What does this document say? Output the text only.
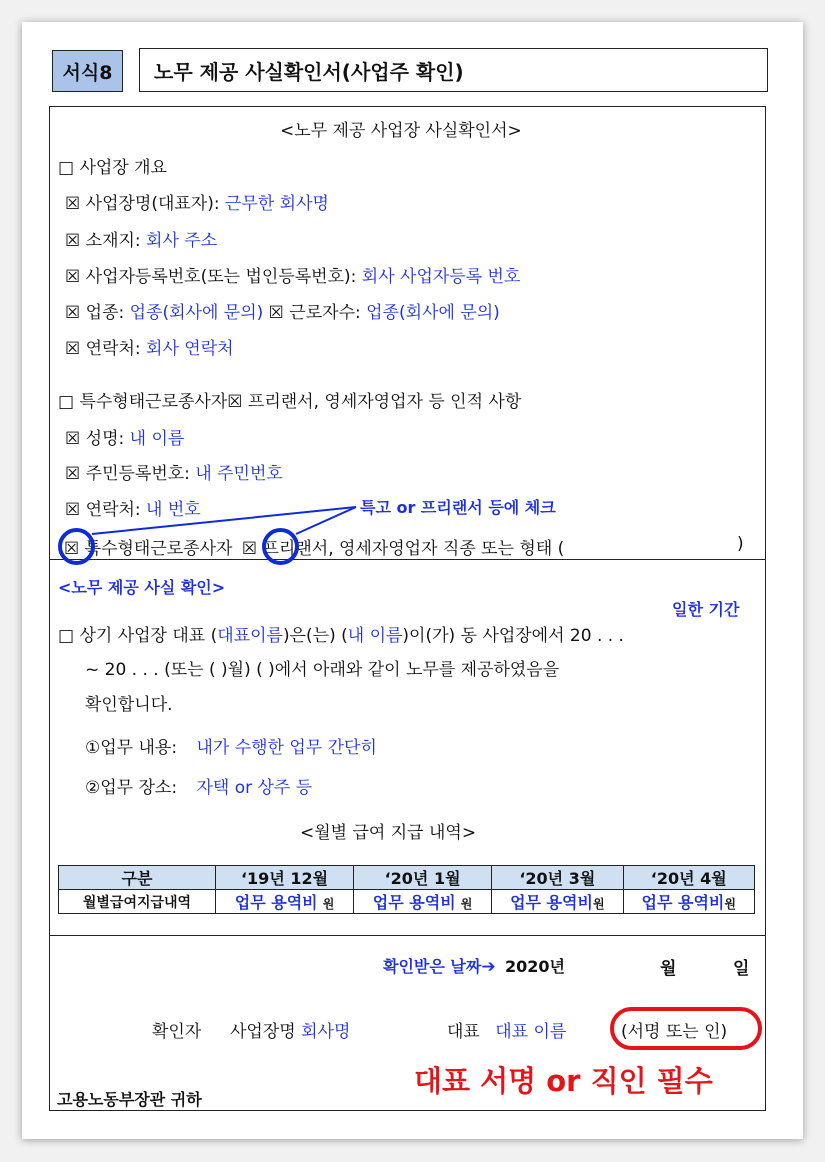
서식8	노무 제공 사실확인서(사업주 확인)
<노무 제공 사업장 사실확인서>
□ 사업장 개요
☒ 사업장명(대표자): 근무한 회사명
☒ 소재지: 회사 주소
☒ 사업자등록번호(또는 법인등록번호): 회사 사업자등록 번호
☒ 업종: 업종(회사에 문의) ☒ 근로자수: 업종(회사에 문의)
☒ 연락처: 회사 연락처
□ 특수형태근로종사자☒ 프리랜서, 영세자영업자 등 인적 사항
☒ 성명: 내 이름
☒ 주민등록번호: 내 주민번호
☒ 연락처: 내 번호	특고 or 프리랜서 등에 체크
☒ 특수형태근로종사자 ☒ 프리랜서, 영세자영업자 직종 또는 형태 (	)
<노무 제공 사실 확인>
일한 기간
□ 상기 사업장 대표 (대표이름)은(는) (내 이름)이(가) 동 사업장에서 20 . . .
~ 20 . . . (또는 ( )월) ( )에서 아래와 같이 노무를 제공하였음을
확인합니다.
①업무 내용: 내가 수행한 업무 간단히
②업무 장소: 자택 or 상주 등
<월별 급여 지급 내역>
구분	‘19년 12월	‘20년 1월	‘20년 3월	‘20년 4월
월별급여지급내역	업무 용역비 원	업무 용역비 원	업무 용역비원	업무 용역비원
확인받은 날짜➔ 2020년	월	일
확인자 사업장명 회사명	대표 대표 이름	(서명 또는 인)
대표 서명 or 직인 필수
고용노동부장관 귀하
